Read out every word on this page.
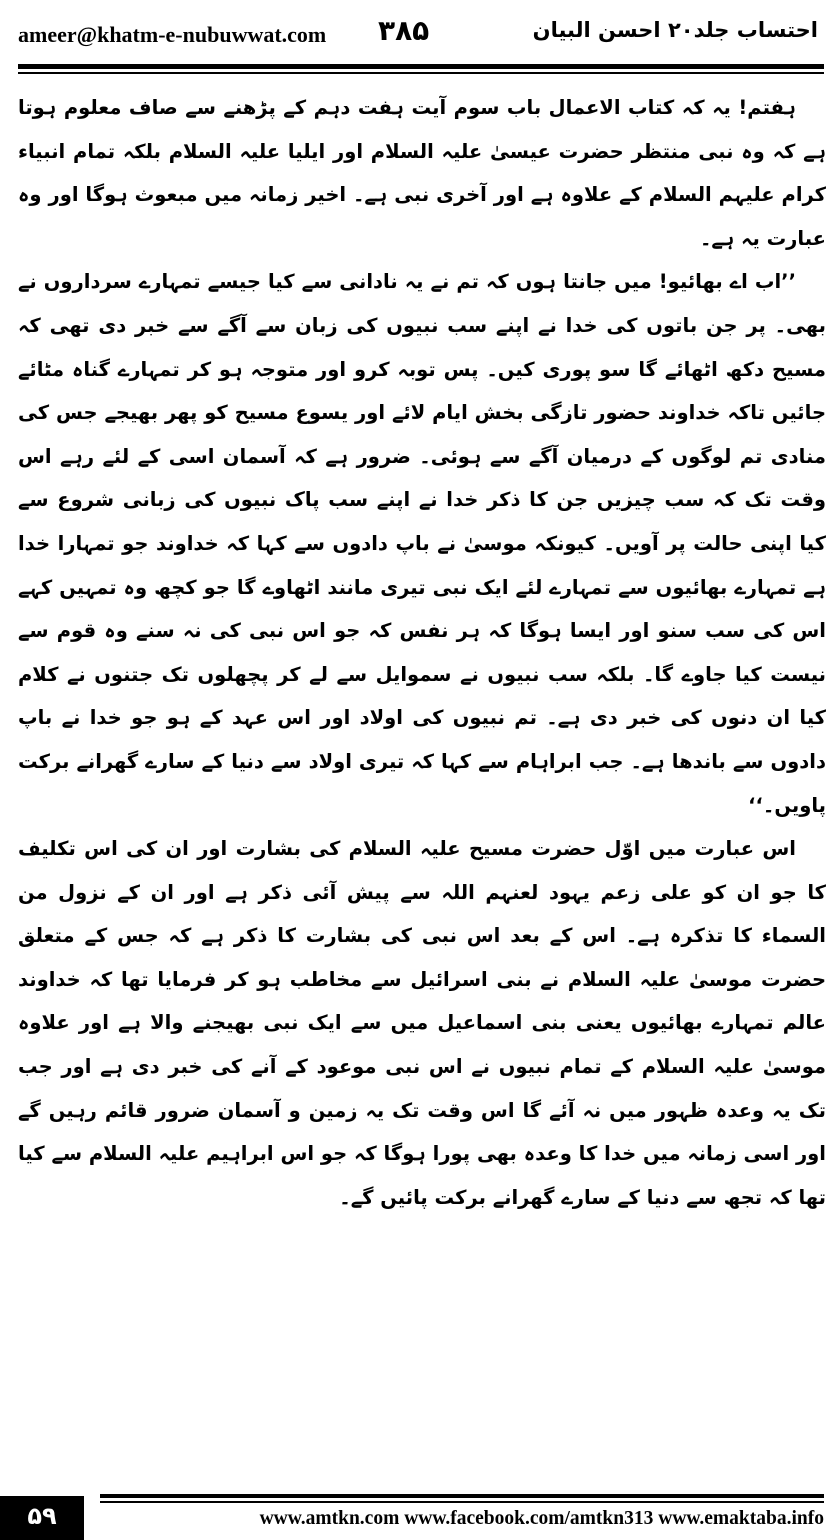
ameer@khatm-e-nubuwwat.com ۳۸۵	احتساب جلد۲۰ احسن البیان

ہفتم! یہ کہ کتاب الاعمال باب سوم آیت ہفت دہم کے پڑھنے سے صاف معلوم ہوتا ہے کہ وہ نبی منتظر حضرت عیسیٰ علیہ السلام اور ایلیا علیہ السلام بلکہ تمام انبیاء کرام علیہم السلام کے علاوہ ہے اور آخری نبی ہے۔ اخیر زمانہ میں مبعوث ہوگا اور وہ عبارت یہ ہے۔

’’اب اے بھائیو! میں جانتا ہوں کہ تم نے یہ نادانی سے کیا جیسے تمہارے سرداروں نے بھی۔ پر جن باتوں کی خدا نے اپنے سب نبیوں کی زبان سے آگے سے خبر دی تھی کہ مسیح دکھ اٹھائے گا سو پوری کیں۔ پس توبہ کرو اور متوجہ ہو کر تمہارے گناہ مٹائے جائیں تاکہ خداوند حضور تازگی بخش ایام لائے اور یسوع مسیح کو پھر بھیجے جس کی منادی تم لوگوں کے درمیان آگے سے ہوئی۔ ضرور ہے کہ آسمان اسی کے لئے رہے اس وقت تک کہ سب چیزیں جن کا ذکر خدا نے اپنے سب پاک نبیوں کی زبانی شروع سے کیا اپنی حالت پر آویں۔ کیونکہ موسیٰ نے باپ دادوں سے کہا کہ خداوند جو تمہارا خدا ہے تمہارے بھائیوں سے تمہارے لئے ایک نبی تیری مانند اٹھاوے گا جو کچھ وہ تمہیں کہے اس کی سب سنو اور ایسا ہوگا کہ ہر نفس کہ جو اس نبی کی نہ سنے وہ قوم سے نیست کیا جاوے گا۔ بلکہ سب نبیوں نے سموایل سے لے کر پچھلوں تک جتنوں نے کلام کیا ان دنوں کی خبر دی ہے۔ تم نبیوں کی اولاد اور اس عہد کے ہو جو خدا نے باپ دادوں سے باندھا ہے۔ جب ابراہام سے کہا کہ تیری اولاد سے دنیا کے سارے گھرانے برکت پاویں۔‘‘

اس عبارت میں اوّل حضرت مسیح علیہ السلام کی بشارت اور ان کی اس تکلیف کا جو ان کو علی زعم یہود لعنہم اللہ سے پیش آئی ذکر ہے اور ان کے نزول من السماء کا تذکرہ ہے۔ اس کے بعد اس نبی کی بشارت کا ذکر ہے کہ جس کے متعلق حضرت موسیٰ علیہ السلام نے بنی اسرائیل سے مخاطب ہو کر فرمایا تھا کہ خداوند عالم تمہارے بھائیوں یعنی بنی اسماعیل میں سے ایک نبی بھیجنے والا ہے اور علاوہ موسیٰ علیہ السلام کے تمام نبیوں نے اس نبی موعود کے آنے کی خبر دی ہے اور جب تک یہ وعدہ ظہور میں نہ آئے گا اس وقت تک یہ زمین و آسمان ضرور قائم رہیں گے اور اسی زمانہ میں خدا کا وعدہ بھی پورا ہوگا کہ جو اس ابراہیم علیہ السلام سے کیا تھا کہ تجھ سے دنیا کے سارے گھرانے برکت پائیں گے۔

۵۹	www.amtkn.com www.facebook.com/amtkn313 www.emaktaba.info
